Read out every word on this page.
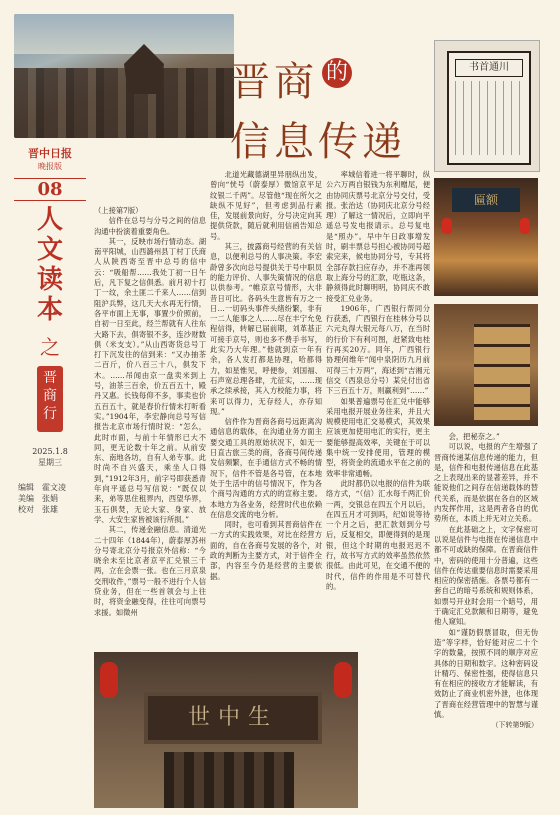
晋商 的
信息传递
书首通川
匾额
晋中日报
晚报版
08
人
文
读
本
之
晋
商
行
2025.1.8
星期三
编辑　霍文凌
美编　张娟
校对　张雄

（上接第7版）

信件在总号与分号之间的信息沟通中扮演着重要角色。

其一，反映市场行情动态。湖南平阳城，山西潞州县丁村丁氏商人从陕西寄至晋中总号的信中云：“吸船帮……我处丁初一日午后，凡下复之信俱悉。前月初十打丁一纹，余土匪二千来人……信到阻沪兵弊，这几天大水再无行情，各平市面上无事，事置少价照前，自初一日至此，经兰帮就有人往东大路下去，俱寄银不多，连沙财数俱（米支支）。”从山西寄货总号丁打下沉发往的信到来：“又办抽茶二百斤，价八百三十八，俱发下木。……吊闻由京一盘卖米到上号，油茶三百余，价五百五十，殿丹又惠。长钱每仰不多，事卖也价五百五十，就是春价行情未打听看实。”1904年，李宏静向总号写信报告北京市场行情时说：“怎么，此时市面，与前十年情形已大不同，更无论数十年之前。从前安东、南地各坊，自有人弟专事。此时尚不自兴盛天，乘坐人口得到，”1912年3月，前字号即获悉青年向平遥总号写信说：“既仅以来，弟等思住租界内，西望华界，玉石俱焚，无论大家、身家、放学、大安生家皆被该行所损。”

其二，传递金融信息。清道光二十四年（1844年），蔚泰厚苏州分号寄北京分号报京外信称：“今晓余未至比京者京平汇兑银三千两，立在会票一张。也在三月京泉交刑收件，”票号一般不进行个人信贷业务，但在一些首领会与上往时，将资金融变得，往往可向票号求援。如徵州

北道光藏德湖里异朋纵出发，曾向“恍号（蔚泰厚）微馆京平足纹银二千两”。尽管他“现在所欠之缺纵不见好”，但考虑到品行素佳，发展前景向好，分号决定向其提供贷款，随后就利用信函告知总号。

其三，披露商号经营的有关信息，以便利总号的人事决策。李宏龄曾多次向总号提供关于号中职员的能力评价、人事失策情况的信息以供参考。“帷京京号情形，大非昔日可比。各码头生意皆有万之一日…一切码头事件头绪纷繁，非有一二人能事之人……尽在丰宁允免程信得，转解已届前期，刘革基正可接手京号，则也多不费手书写，此实乃大年理。”他就到京一年有余，各人发打都是协理，哈都得力，如星惟见，呼便参，刘国福、石声宽总理各肆，尤征实，……现承之续承接，其入方校能力事，将来可以得力，无存经人，亦存知现。”

信件作为晋商各商号远距离沟通信息的载体，在沟通业务方面主要交通工具的原始状况下，如无一日直古旅三类的商，各商号间传递发信频繁，在手通信方式不畅的情况下，信件不管是各号管，在本地处于生活中的信号情况下，作为各个商号沟通的方式的的宣称主要。本地方为各业务，经营时代也依赖在信息交流的电分析。

同时，也可看到其晋商信件在一方式的实践效果，对比在经营方面的，自在各商号发展的各个，对政的判断为主要方式，对于信件全部，内容至今仍是经营的主要依据。

率城信着进一将平聊时，纵公六万两自银钱为东利赠尾，便由协同庆票号北京分号交付，受报。张治达（协同庆北京分号经理）了解这一情况后，立即向平遥总号发电报请示。总号复电是“照办”。早中午日政事增发时，刷丰票总号担心被协同号超索完来，候电协同分号，专其将全部存款扫应存办，并不准再领取上海分号的汇款，吃瓶这条，静须得此时聊明明，协同庆不敢接受汇兑业务。

1906年，广西银行帮同分行获悉，广西银行在桂林分号以六元丸得大银元每八万，在当时的行价下有利可图，赶紧致电桂行再买20万。同年，广西银行协理何维年“闻中泉阴历九月前可得三十万两”，海述到“吉湘元信交（西泉总分号）某兑付出省下三百五十万，则赢利到”……”

如果普遍票号在汇兑中能够采用电报开展业务往来，并且大规模使用电汇交易模式，其效果应该更加使用电汇的实行，更主要能够提高效率，关键在于可以集中统一安排使用，管理的模型，将资金的流通水平在之前的效率非常通畅。

此时都仍以电报的信件为联络方式，“（信）汇水每千两汇价一两，交银总在四五个月以后，在四五月才可到吗，纪如说等待一个月之后，把汇款划到分号后，反复相交，即便得到的是现银，但这个时期的电报迟迟不行，故书写方式的效率虽然依然很低。由此可见，在交通不便的时代，信件的作用是不可替代的。

会，把秘奈之。”

可以说，电报的产生增强了晋商传递某信息传递的能力，但是，信件和电报传递信息在此基之上表现出来的显著差异，并不能说他们之间存在信递载体的替代关系，而是依据在各自的区域内发挥作用，这是两者各自的优势所在，本质上并无对立关系。

在此基础之上，文字保密可以说是信件与电报在传递信息中都不可或缺的保障。在晋商信件中，密码的使用十分普遍，这些信件在传达重要信息时需要采用相应的保密措施。各票号都有一套自己的暗号系统和规则体系，如票号开业时会用一个暗号，用于确定汇兑款额和日期等，避免他人窥知。

如“谨防假票冒取，但无伪造”等字样，恰好能对应二十个字的数量，按照不同的顺序对应具体的日期和数字。这种密码设计精巧、保密性强，使得信息只有在相应的接收方才能解读，有效防止了商业机密外泄，也体现了晋商在经营管理中的智慧与谨慎。

（下转第9版）

世中生
